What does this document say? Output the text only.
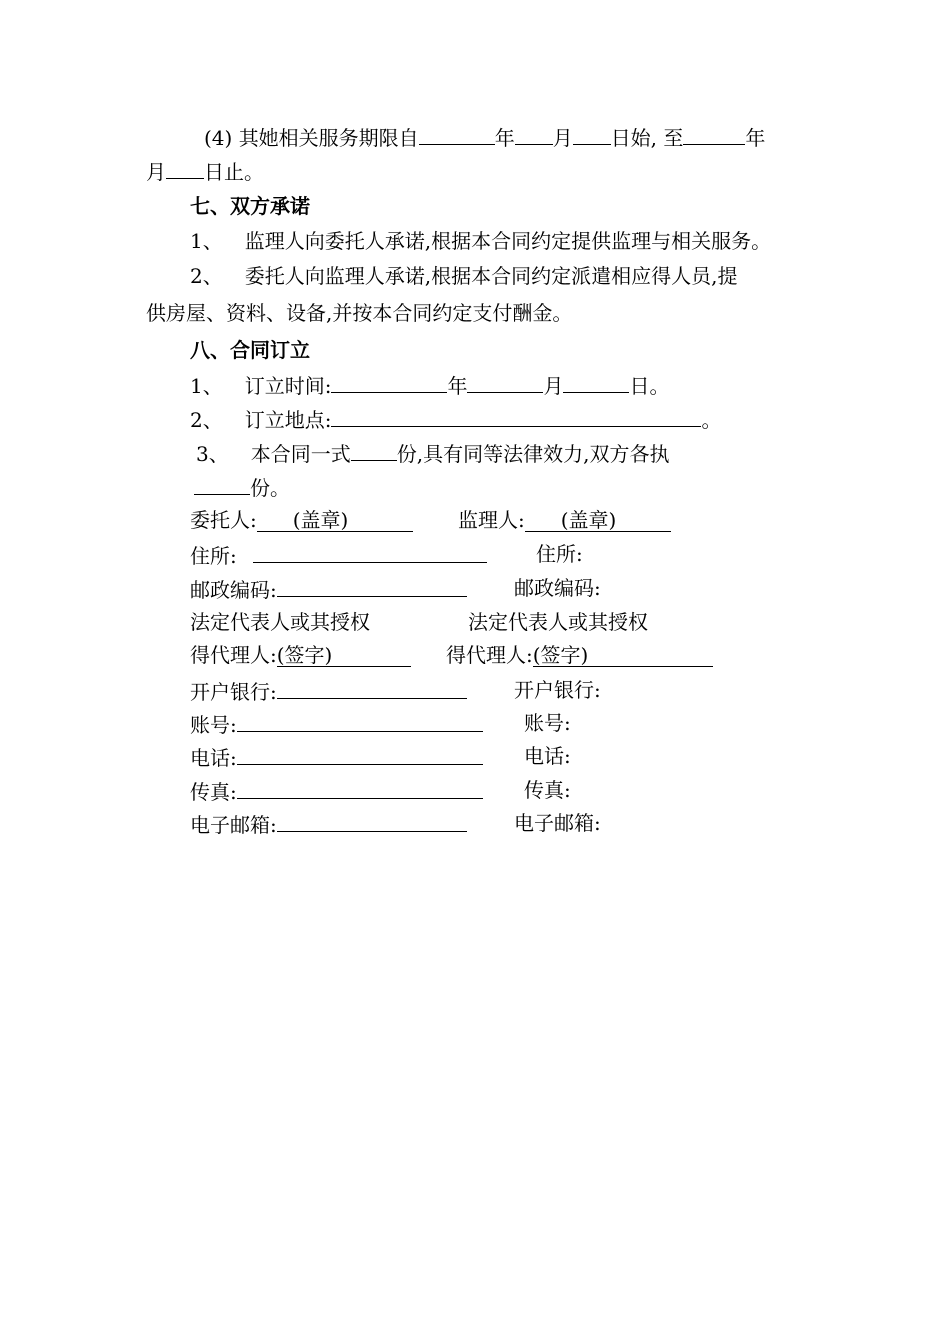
(4) 其她相关服务期限自	年 月 日始, 至	年
月 日止。
七、双方承诺
1、 监理人向委托人承诺,根据本合同约定提供监理与相关服务。
2、 委托人向监理人承诺,根据本合同约定派遣相应得人员,提
供房屋、资料、设备,并按本合同约定支付酬金。
八、合同订立
1、 订立时间:	年	月	日。
2、 订立地点:	。
3、 本合同一式 份,具有同等法律效力,双方各执
份。
委托人: (盖章)	监理人: (盖章)
住所:	住所:
邮政编码:	邮政编码:
法定代表人或其授权	法定代表人或其授权
得代理人:(签字)	得代理人:(签字)
开户银行:	开户银行:
账号:	账号:
电话:	电话:
传真:	传真:
电子邮箱:	电子邮箱:
